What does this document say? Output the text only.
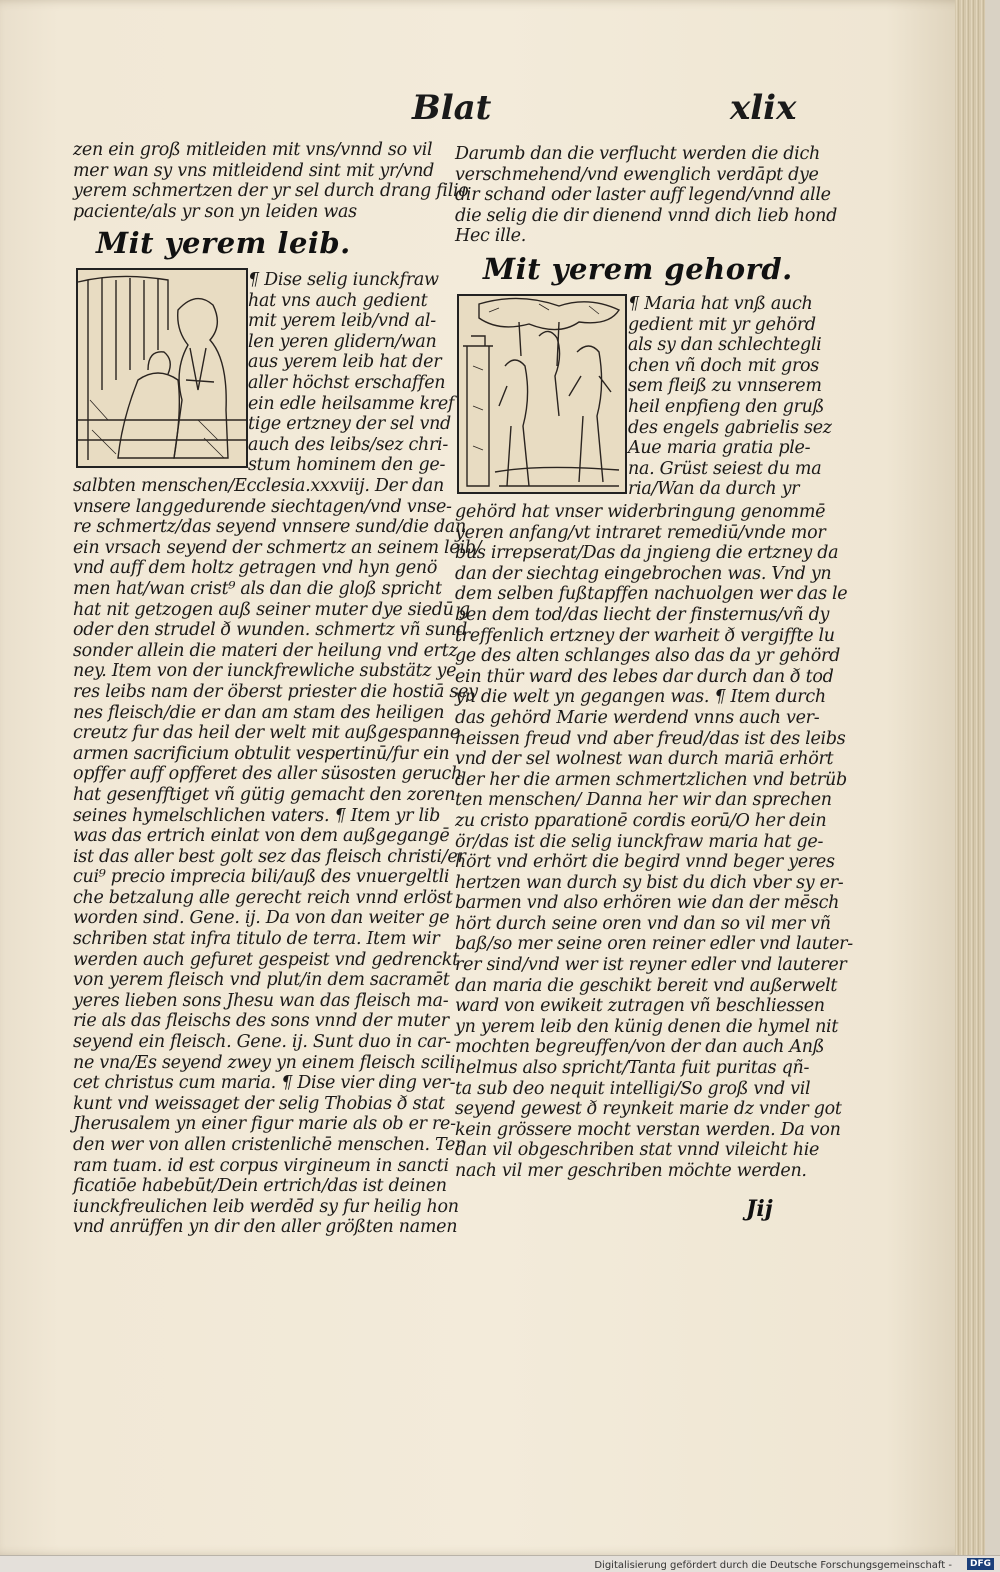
Blat	xlix
zen ein groß mitleiden mit vns/vnnd so vil
mer wan sy vns mitleidend sint mit yr/vnd
yerem schmertzen der yr sel durch drang filio
paciente/als yr son yn leiden was
Mit yerem leib.
¶ Dise selig iunckfraw
hat vns auch gedient
mit yerem leib/vnd al-
len yeren glidern/wan
aus yerem leib hat der
aller höchst erschaffen
ein edle heilsamme kref
tige ertzney der sel vnd
auch des leibs/sez chri-
stum hominem den ge-
salbten menschen/Ecclesia.xxxviij. Der dan
vnsere langgedurende siechtagen/vnd vnse-
re schmertz/das seyend vnnsere sund/die dan
ein vrsach seyend der schmertz an seinem leib/
vnd auff dem holtz getragen vnd hyn genö
men hat/wan crist⁹ als dan die gloß spricht
hat nit getzogen auß seiner muter dye siedū g
oder den strudel ð wunden. schmertz vñ sund
sonder allein die materi der heilung vnd ertz
ney. Item von der iunckfrewliche substätz ye
res leibs nam der öberst priester die hostiā sey
nes fleisch/die er dan am stam des heiligen
creutz fur das heil der welt mit außgespanne
armen sacrificium obtulit vespertinū/fur ein
opffer auff opfferet des aller süsosten geruch
hat gesenfftiget vñ gütig gemacht den zoren
seines hymelschlichen vaters. ¶ Item yr lib
was das ertrich einlat von dem außgegangē
ist das aller best golt sez das fleisch christi/er
cui⁹ precio imprecia bili/auß des vnuergeltli
che betzalung alle gerecht reich vnnd erlöst
worden sind. Gene. ij. Da von dan weiter ge
schriben stat infra titulo de terra. Item wir
werden auch gefuret gespeist vnd gedrenckt
von yerem fleisch vnd plut/in dem sacramēt
yeres lieben sons Jhesu wan das fleisch ma-
rie als das fleischs des sons vnnd der muter
seyend ein fleisch. Gene. ij. Sunt duo in car-
ne vna/Es seyend zwey yn einem fleisch scili
cet christus cum maria. ¶ Dise vier ding ver-
kunt vnd weissaget der selig Thobias ð stat
Jherusalem yn einer figur marie als ob er re-
den wer von allen cristenlichē menschen. Ter
ram tuam. id est corpus virgineum in sancti
ficatiōe habebūt/Dein ertrich/das ist deinen
iunckfreulichen leib werdēd sy fur heilig hon
vnd anrüffen yn dir den aller größten namen
Darumb dan die verflucht werden die dich
verschmehend/vnd ewenglich verdāpt dye
dir schand oder laster auff legend/vnnd alle
die selig die dir dienend vnnd dich lieb hond
Hec ille.
Mit yerem gehord.
¶ Maria hat vnß auch
gedient mit yr gehörd
als sy dan schlechtegli
chen vñ doch mit gros
sem fleiß zu vnnserem
heil enpfieng den gruß
des engels gabrielis sez
Aue maria gratia ple-
na. Grüst seiest du ma
ria/Wan da durch yr
gehörd hat vnser widerbringung genommē
yeren anfang/vt intraret remediū/vnde mor
bus irrepserat/Das da jngieng die ertzney da
dan der siechtag eingebrochen was. Vnd yn
dem selben fußtapffen nachuolgen wer das le
ben dem tod/das liecht der finsternus/vñ dy
treffenlich ertzney der warheit ð vergiffte lu
ge des alten schlanges also das da yr gehörd
ein thür ward des lebes dar durch dan ð tod
yn die welt yn gegangen was. ¶ Item durch
das gehörd Marie werdend vnns auch ver-
heissen freud vnd aber freud/das ist des leibs
vnd der sel wolnest wan durch mariā erhört
der her die armen schmertzlichen vnd betrüb
ten menschen/ Danna her wir dan sprechen
zu cristo pparationē cordis eorū/O her dein
ör/das ist die selig iunckfraw maria hat ge-
hört vnd erhört die begird vnnd beger yeres
hertzen wan durch sy bist du dich vber sy er-
barmen vnd also erhören wie dan der mēsch
hört durch seine oren vnd dan so vil mer vñ
baß/so mer seine oren reiner edler vnd lauter-
rer sind/vnd wer ist reyner edler vnd lauterer
dan maria die geschikt bereit vnd außerwelt
ward von ewikeit zutragen vñ beschliessen
yn yerem leib den künig denen die hymel nit
mochten begreuffen/von der dan auch Anß
helmus also spricht/Tanta fuit puritas qñ-
ta sub deo nequit intelligi/So groß vnd vil
seyend gewest ð reynkeit marie dz vnder got
kein grössere mocht verstan werden. Da von
dan vil obgeschriben stat vnnd vileicht hie
nach vil mer geschriben möchte werden.
Jij
Digitalisierung gefördert durch die Deutsche Forschungsgemeinschaft -	DFG
